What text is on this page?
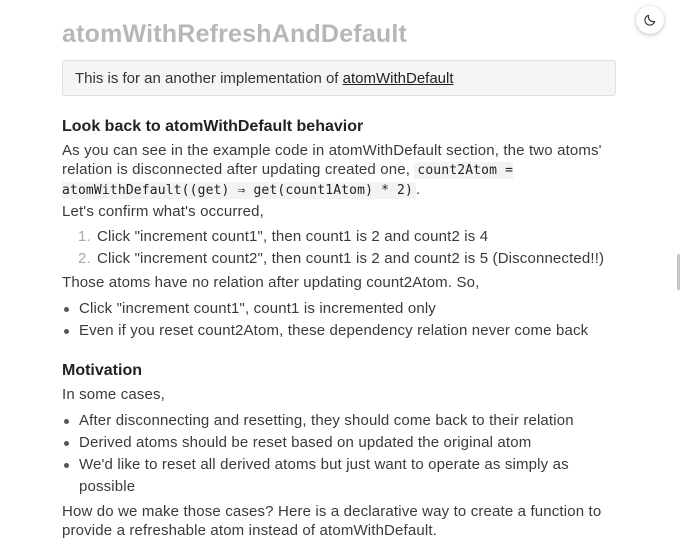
atomWithRefreshAndDefault
This is for an another implementation of atomWithDefault
Look back to atomWithDefault behavior

As you can see in the example code in atomWithDefault section, the two atoms' relation is disconnected after updating created one, count2Atom = atomWithDefault((get) ⇒ get(count1Atom) * 2) .

Let's confirm what's occurred,

1. Click "increment count1", then count1 is 2 and count2 is 4
2. Click "increment count2", then count1 is 2 and count2 is 5 (Disconnected!!)

Those atoms have no relation after updating count2Atom. So,

Click "increment count1", count1 is incremented only
Even if you reset count2Atom, these dependency relation never come back
Motivation

In some cases,

After disconnecting and resetting, they should come back to their relation
Derived atoms should be reset based on updated the original atom
We'd like to reset all derived atoms but just want to operate as simply as possible

How do we make those cases? Here is a declarative way to create a function to provide a refreshable atom instead of atomWithDefault.
